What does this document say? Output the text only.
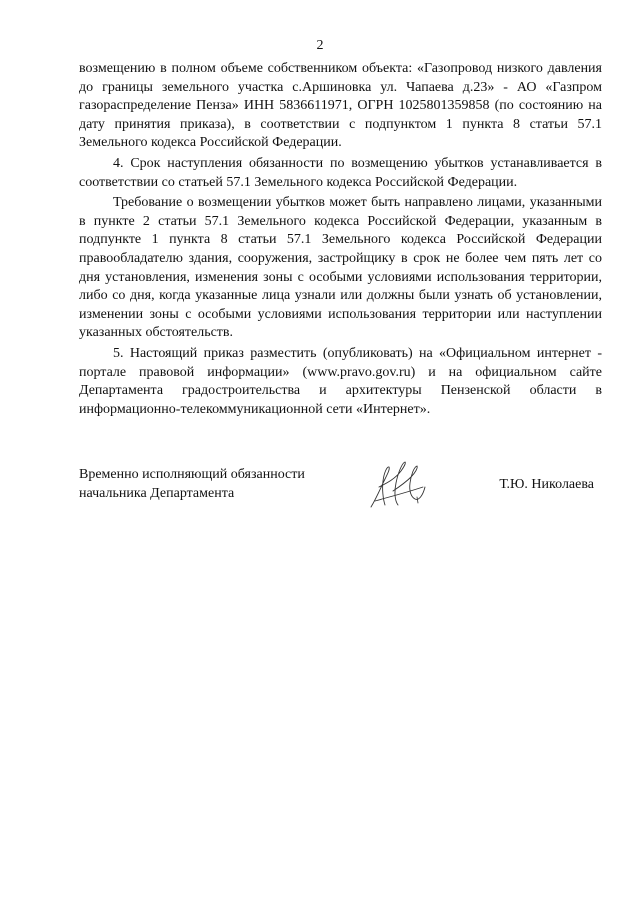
2

возмещению в полном объеме собственником объекта: «Газопровод низкого давления до границы земельного участка с.Аршиновка ул. Чапаева д.23» - АО «Газпром газораспределение Пенза» ИНН 5836611971, ОГРН 1025801359858 (по состоянию на дату принятия приказа), в соответствии с подпунктом 1 пункта 8 статьи 57.1 Земельного кодекса Российской Федерации.

4. Срок наступления обязанности по возмещению убытков устанавливается в соответствии со статьей 57.1 Земельного кодекса Российской Федерации.

Требование о возмещении убытков может быть направлено лицами, указанными в пункте 2 статьи 57.1 Земельного кодекса Российской Федерации, указанным в подпункте 1 пункта 8 статьи 57.1 Земельного кодекса Российской Федерации правообладателю здания, сооружения, застройщику в срок не более чем пять лет со дня установления, изменения зоны с особыми условиями использования территории, либо со дня, когда указанные лица узнали или должны были узнать об установлении, изменении зоны с особыми условиями использования территории или наступлении указанных обстоятельств.

5. Настоящий приказ разместить (опубликовать) на «Официальном интернет - портале правовой информации» (www.pravo.gov.ru) и на официальном сайте Департамента градостроительства и архитектуры Пензенской области в информационно-телекоммуникационной сети «Интернет».

Временно исполняющий обязанности
начальника Департамента

Т.Ю. Николаева
